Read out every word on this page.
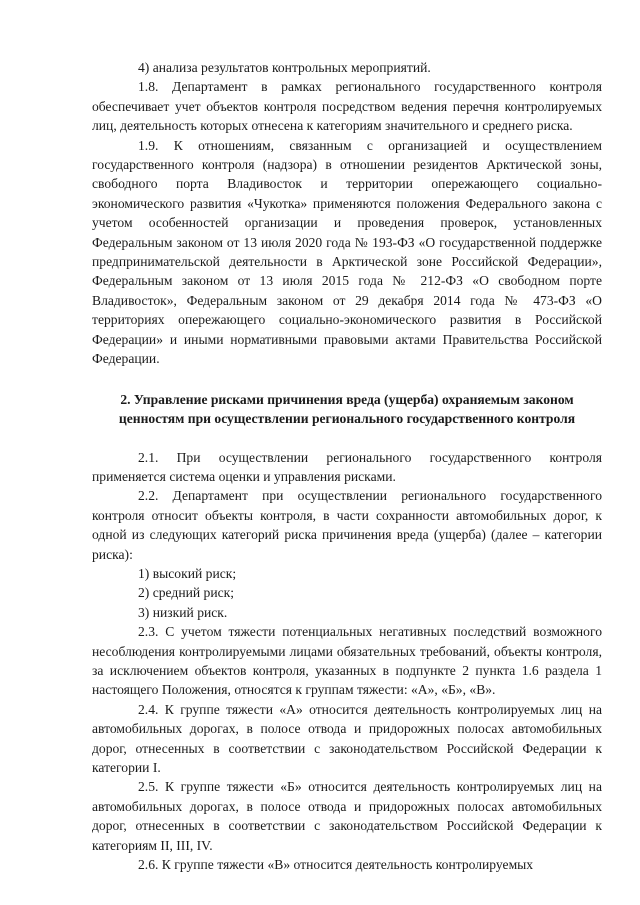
4) анализа результатов контрольных мероприятий.

1.8. Департамент в рамках регионального государственного контроля обеспечивает учет объектов контроля посредством ведения перечня контролируемых лиц, деятельность которых отнесена к категориям значительного и среднего риска.

1.9. К отношениям, связанным с организацией и осуществлением государственного контроля (надзора) в отношении резидентов Арктической зоны, свободного порта Владивосток и территории опережающего социально-экономического развития «Чукотка» применяются положения Федерального закона с учетом особенностей организации и проведения проверок, установленных Федеральным законом от 13 июля 2020 года № 193-ФЗ «О государственной поддержке предпринимательской деятельности в Арктической зоне Российской Федерации», Федеральным законом от 13 июля 2015 года № 212-ФЗ «О свободном порте Владивосток», Федеральным законом от 29 декабря 2014 года № 473-ФЗ «О территориях опережающего социально-экономического развития в Российской Федерации» и иными нормативными правовыми актами Правительства Российской Федерации.

2. Управление рисками причинения вреда (ущерба) охраняемым законом ценностям при осуществлении регионального государственного контроля

2.1. При осуществлении регионального государственного контроля применяется система оценки и управления рисками.

2.2. Департамент при осуществлении регионального государственного контроля относит объекты контроля, в части сохранности автомобильных дорог, к одной из следующих категорий риска причинения вреда (ущерба) (далее – категории риска):

1) высокий риск;

2) средний риск;

3) низкий риск.

2.3. С учетом тяжести потенциальных негативных последствий возможного несоблюдения контролируемыми лицами обязательных требований, объекты контроля, за исключением объектов контроля, указанных в подпункте 2 пункта 1.6 раздела 1 настоящего Положения, относятся к группам тяжести: «А», «Б», «В».

2.4. К группе тяжести «А» относится деятельность контролируемых лиц на автомобильных дорогах, в полосе отвода и придорожных полосах автомобильных дорог, отнесенных в соответствии с законодательством Российской Федерации к категории I.

2.5. К группе тяжести «Б» относится деятельность контролируемых лиц на автомобильных дорогах, в полосе отвода и придорожных полосах автомобильных дорог, отнесенных в соответствии с законодательством Российской Федерации к категориям II, III, IV.

2.6. К группе тяжести «В» относится деятельность контролируемых
